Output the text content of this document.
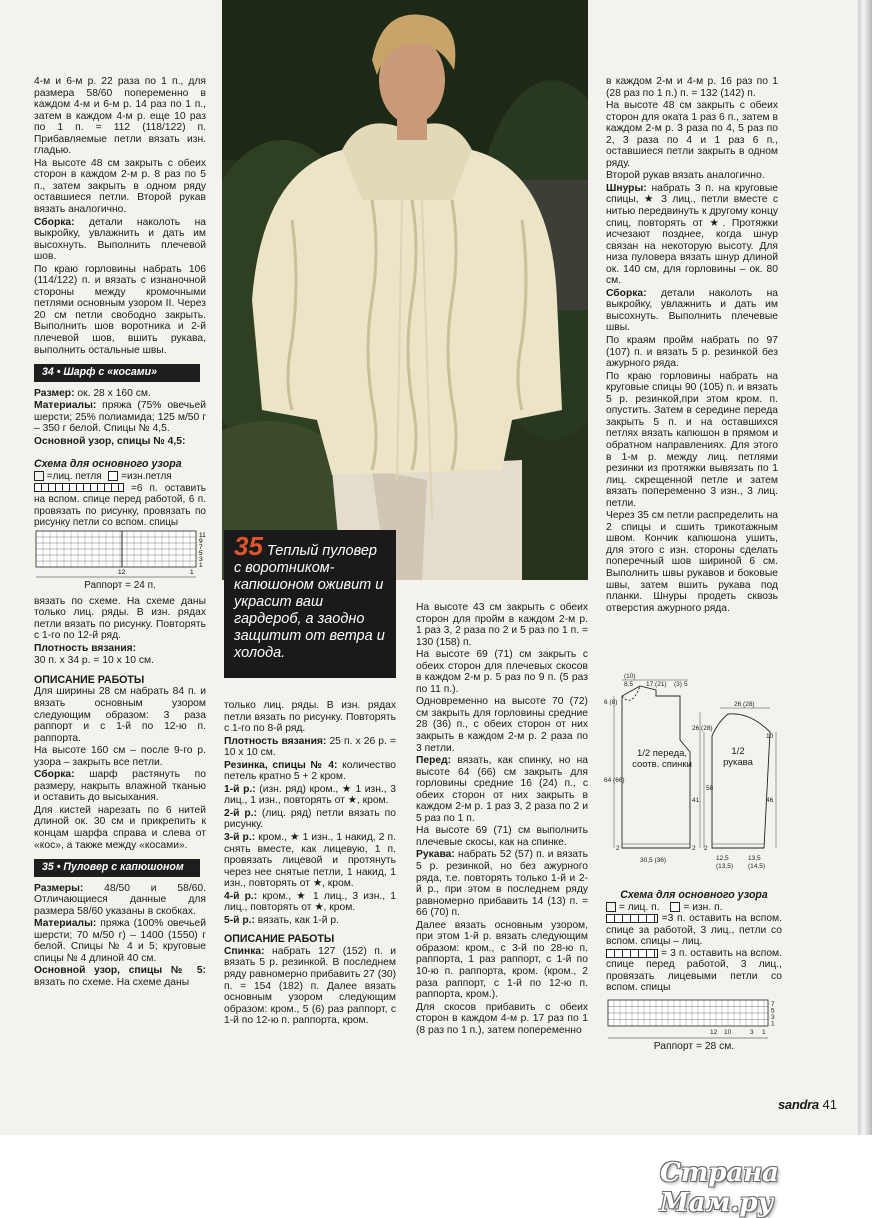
4-м и 6-м р. 22 раза по 1 п., для размера 58/60 попеременно в каждом 4-м и 6-м р. 14 раз по 1 п., затем в каждом 4-м р. еще 10 раз по 1 п. = 112 (118/122) п. Прибавляемые петли вязать изн. гладью.

На высоте 48 см закрыть с обеих сторон в каждом 2-м р. 8 раз по 5 п., затем закрыть в одном ряду оставшиеся петли. Второй рукав вязать аналогично.

Сборка: детали наколоть на выкройку, увлажнить и дать им высохнуть. Выполнить плечевой шов.

По краю горловины набрать 106 (114/122) п. и вязать с изнаночной стороны между кромочными петлями основным узором II. Через 20 см петли свободно закрыть. Выполнить шов воротника и 2-й плечевой шов, вшить рукава, выполнить остальные швы.

34 • Шарф с «косами»

Размер: ок. 28 х 160 см.

Материалы: пряжа (75% овечьей шерсти; 25% полиамида; 125 м/50 г – 350 г белой. Спицы № 4,5.

Основной узор, спицы № 4,5:

Схема для основного узора
=лиц. петля =изн.петля
=6 п. оставить на вспом. спице перед работой, 6 п. провязать по рисунку, провязать по рисунку петли со вспом. спицы
11
9
7
5
3
1
12	1
Раппорт = 24 п.

вязать по схеме. На схеме даны только лиц. ряды. В изн. рядах петли вязать по рисунку. Повторять с 1-го по 12-й ряд.

Плотность вязания:

30 п. х 34 р. = 10 х 10 см.

ОПИСАНИЕ РАБОТЫ

Для ширины 28 см набрать 84 п. и вязать основным узором следующим образом: 3 раза раппорт и с 1-й по 12-ю п. раппорта.

На высоте 160 см – после 9-го р. узора – закрыть все петли.

Сборка: шарф растянуть по размеру, накрыть влажной тканью и оставить до высыхания.

Для кистей нарезать по 6 нитей длиной ок. 30 см и прикрепить к концам шарфа справа и слева от «кос», а также между «косами».

35 • Пуловер с капюшоном

Размеры: 48/50 и 58/60. Отличающиеся данные для размера 58/60 указаны в скобках.

Материалы: пряжа (100% овечьей шерсти; 70 м/50 г) – 1400 (1550) г белой. Спицы № 4 и 5; круговые спицы № 4 длиной 40 см.

Основной узор, спицы № 5: вязать по схеме. На схеме даны

35 Теплый пуловер с воротником-капюшоном оживит и украсит ваш гардероб, а заодно защитит от ветра и холода.

только лиц. ряды. В изн. рядах петли вязать по рисунку. Повторять с 1-го по 8-й ряд.

Плотность вязания: 25 п. х 26 р. = 10 х 10 см.

Резинка, спицы № 4: количество петель кратно 5 + 2 кром.

1-й р.: (изн. ряд) кром., ★ 1 изн., 3 лиц., 1 изн., повторять от ★, кром.

2-й р.: (лиц. ряд) петли вязать по рисунку.

3-й р.: кром., ★ 1 изн., 1 накид, 2 п. снять вместе, как лицевую, 1 п. провязать лицевой и протянуть через нее снятые петли, 1 накид, 1 изн., повторять от ★, кром.

4-й р.: кром., ★ 1 лиц., 3 изн., 1 лиц., повторять от ★, кром.

5-й р.: вязать, как 1-й р.

ОПИСАНИЕ РАБОТЫ

Спинка: набрать 127 (152) п. и вязать 5 р. резинкой. В последнем ряду равномерно прибавить 27 (30) п. = 154 (182) п. Далее вязать основным узором следующим образом: кром., 5 (6) раз раппорт, с 1-й по 12-ю п. раппорта, кром.

На высоте 43 см закрыть с обеих сторон для пройм в каждом 2-м р. 1 раз 3, 2 раза по 2 и 5 раз по 1 п. = 130 (158) п.

На высоте 69 (71) см закрыть с обеих сторон для плечевых скосов в каждом 2-м р. 5 раз по 9 п. (5 раз по 11 п.).

Одновременно на высоте 70 (72) см закрыть для горловины средние 28 (36) п., с обеих сторон от них закрыть в каждом 2-м р. 2 раза по 3 петли.

Перед: вязать, как спинку, но на высоте 64 (66) см закрыть для горловины средние 16 (24) п., с обеих сторон от них закрыть в каждом 2-м р. 1 раз 3, 2 раза по 2 и 5 раз по 1 п.

На высоте 69 (71) см выполнить плечевые скосы, как на спинке.

Рукава: набрать 52 (57) п. и вязать 5 р. резинкой, но без ажурного ряда, т.е. повторять только 1-й и 2-й р., при этом в последнем ряду равномерно прибавить 14 (13) п. = 66 (70) п.

Далее вязать основным узором, при этом 1-й р. вязать следующим образом: кром., с 3-й по 28-ю п. раппорта, 1 раз раппорт, с 1-й по 10-ю п. раппорта, кром. (кром., 2 раза раппорт, с 1-й по 12-ю п. раппорта, кром.).

Для скосов прибавить с обеих сторон в каждом 4-м р. 17 раз по 1 (8 раз по 1 п.), затем попеременно

в каждом 2-м и 4-м р. 16 раз по 1 (28 раз по 1 п.) п. = 132 (142) п.

На высоте 48 см закрыть с обеих сторон для оката 1 раз 6 п., затем в каждом 2-м р. 3 раза по 4, 5 раз по 2, 3 раза по 4 и 1 раз 6 п., оставшиеся петли закрыть в одном ряду.

Второй рукав вязать аналогично.

Шнуры: набрать 3 п. на круговые спицы, ★ 3 лиц., петли вместе с нитью передвинуть к другому концу спиц, повторять от ★. Протяжки исчезают позднее, когда шнур связан на некоторую высоту. Для низа пуловера вязать шнур длиной ок. 140 см, для горловины – ок. 80 см.

Сборка: детали наколоть на выкройку, увлажнить и дать им высохнуть. Выполнить плечевые швы.

По краям пройм набрать по 97 (107) п. и вязать 5 р. резинкой без ажурного ряда.

По краю горловины набрать на круговые спицы 90 (105) п. и вязать 5 р. резинкой,при этом кром. п. опустить. Затем в середине переда закрыть 5 п. и на оставшихся петлях вязать капюшон в прямом и обратном направлениях. Для этого в 1-м р. между лиц. петлями резинки из протяжки вывязать по 1 лиц. скрещенной петле и затем вязать попеременно 3 изн., 3 лиц. петли.

Через 35 см петли распределить на 2 спицы и сшить трикотажным швом. Кончик капюшона ушить, для этого с изн. стороны сделать поперечный шов шириной 6 см. Выполнить швы рукавов и боковые швы, затем вшить рукава под планки. Шнуры продеть сквозь отверстия ажурного ряда.

(10)
8,5 17 (21) (3) 5
6 (8)
26 (28)
64 (66)
41
2
30,5 (36)
2
26 (28)
10
58
46
2
12,5
(13,5)
13,5
(14,5)
1/2 переда, соотв. спинки
1/2 рукава
Схема для основного узора
= лиц. п. = изн. п.
=3 п. оставить на вспом. спице за работой, 3 лиц., петли со вспом. спицы – лиц.
= 3 п. оставить на вспом. спице перед работой, 3 лиц., провязать лицевыми петли со вспом. спицы
7
5
3
1
12 10	3 1
Раппорт = 28 см.
sandra 41
Страна Мам.ру
